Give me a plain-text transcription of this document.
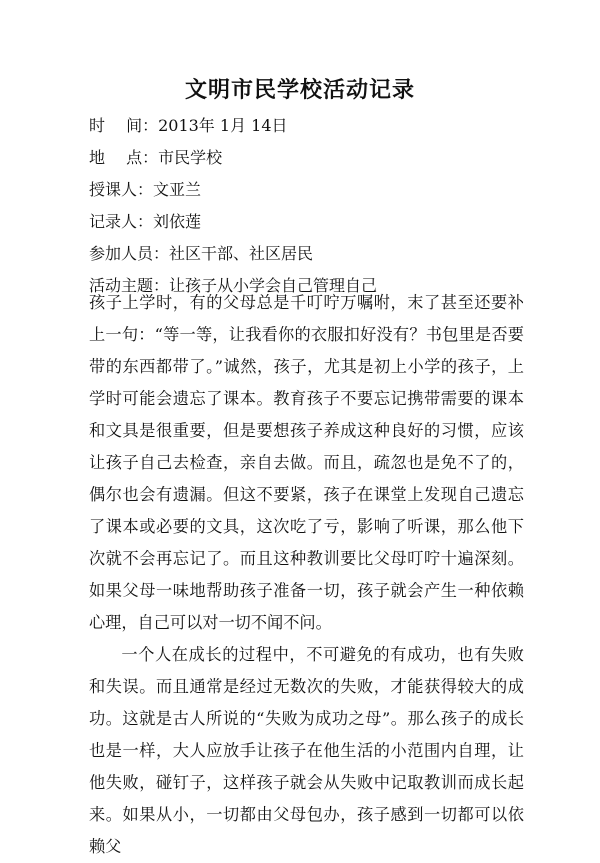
文明市民学校活动记录
时　 间：2013年 1月 14日
地　 点：市民学校
授课人：文亚兰
记录人：刘依莲
参加人员：社区干部、社区居民
活动主题：让孩子从小学会自己管理自己

孩子上学时，有的父母总是千叮咛万嘱咐，末了甚至还要补上一句：“等一等，让我看你的衣服扣好没有？书包里是否要带的东西都带了。”诚然，孩子，尤其是初上小学的孩子，上学时可能会遗忘了课本。教育孩子不要忘记携带需要的课本和文具是很重要，但是要想孩子养成这种良好的习惯，应该让孩子自己去检查，亲自去做。而且，疏忽也是免不了的，偶尔也会有遗漏。但这不要紧，孩子在课堂上发现自己遗忘了课本或必要的文具，这次吃了亏，影响了听课，那么他下次就不会再忘记了。而且这种教训要比父母叮咛十遍深刻。如果父母一味地帮助孩子准备一切，孩子就会产生一种依赖心理，自己可以对一切不闻不问。

一个人在成长的过程中，不可避免的有成功，也有失败和失误。而且通常是经过无数次的失败，才能获得较大的成功。这就是古人所说的“失败为成功之母”。那么孩子的成长也是一样，大人应放手让孩子在他生活的小范围内自理，让他失败，碰钉子，这样孩子就会从失败中记取教训而成长起来。如果从小，一切都由父母包办，孩子感到一切都可以依赖父
